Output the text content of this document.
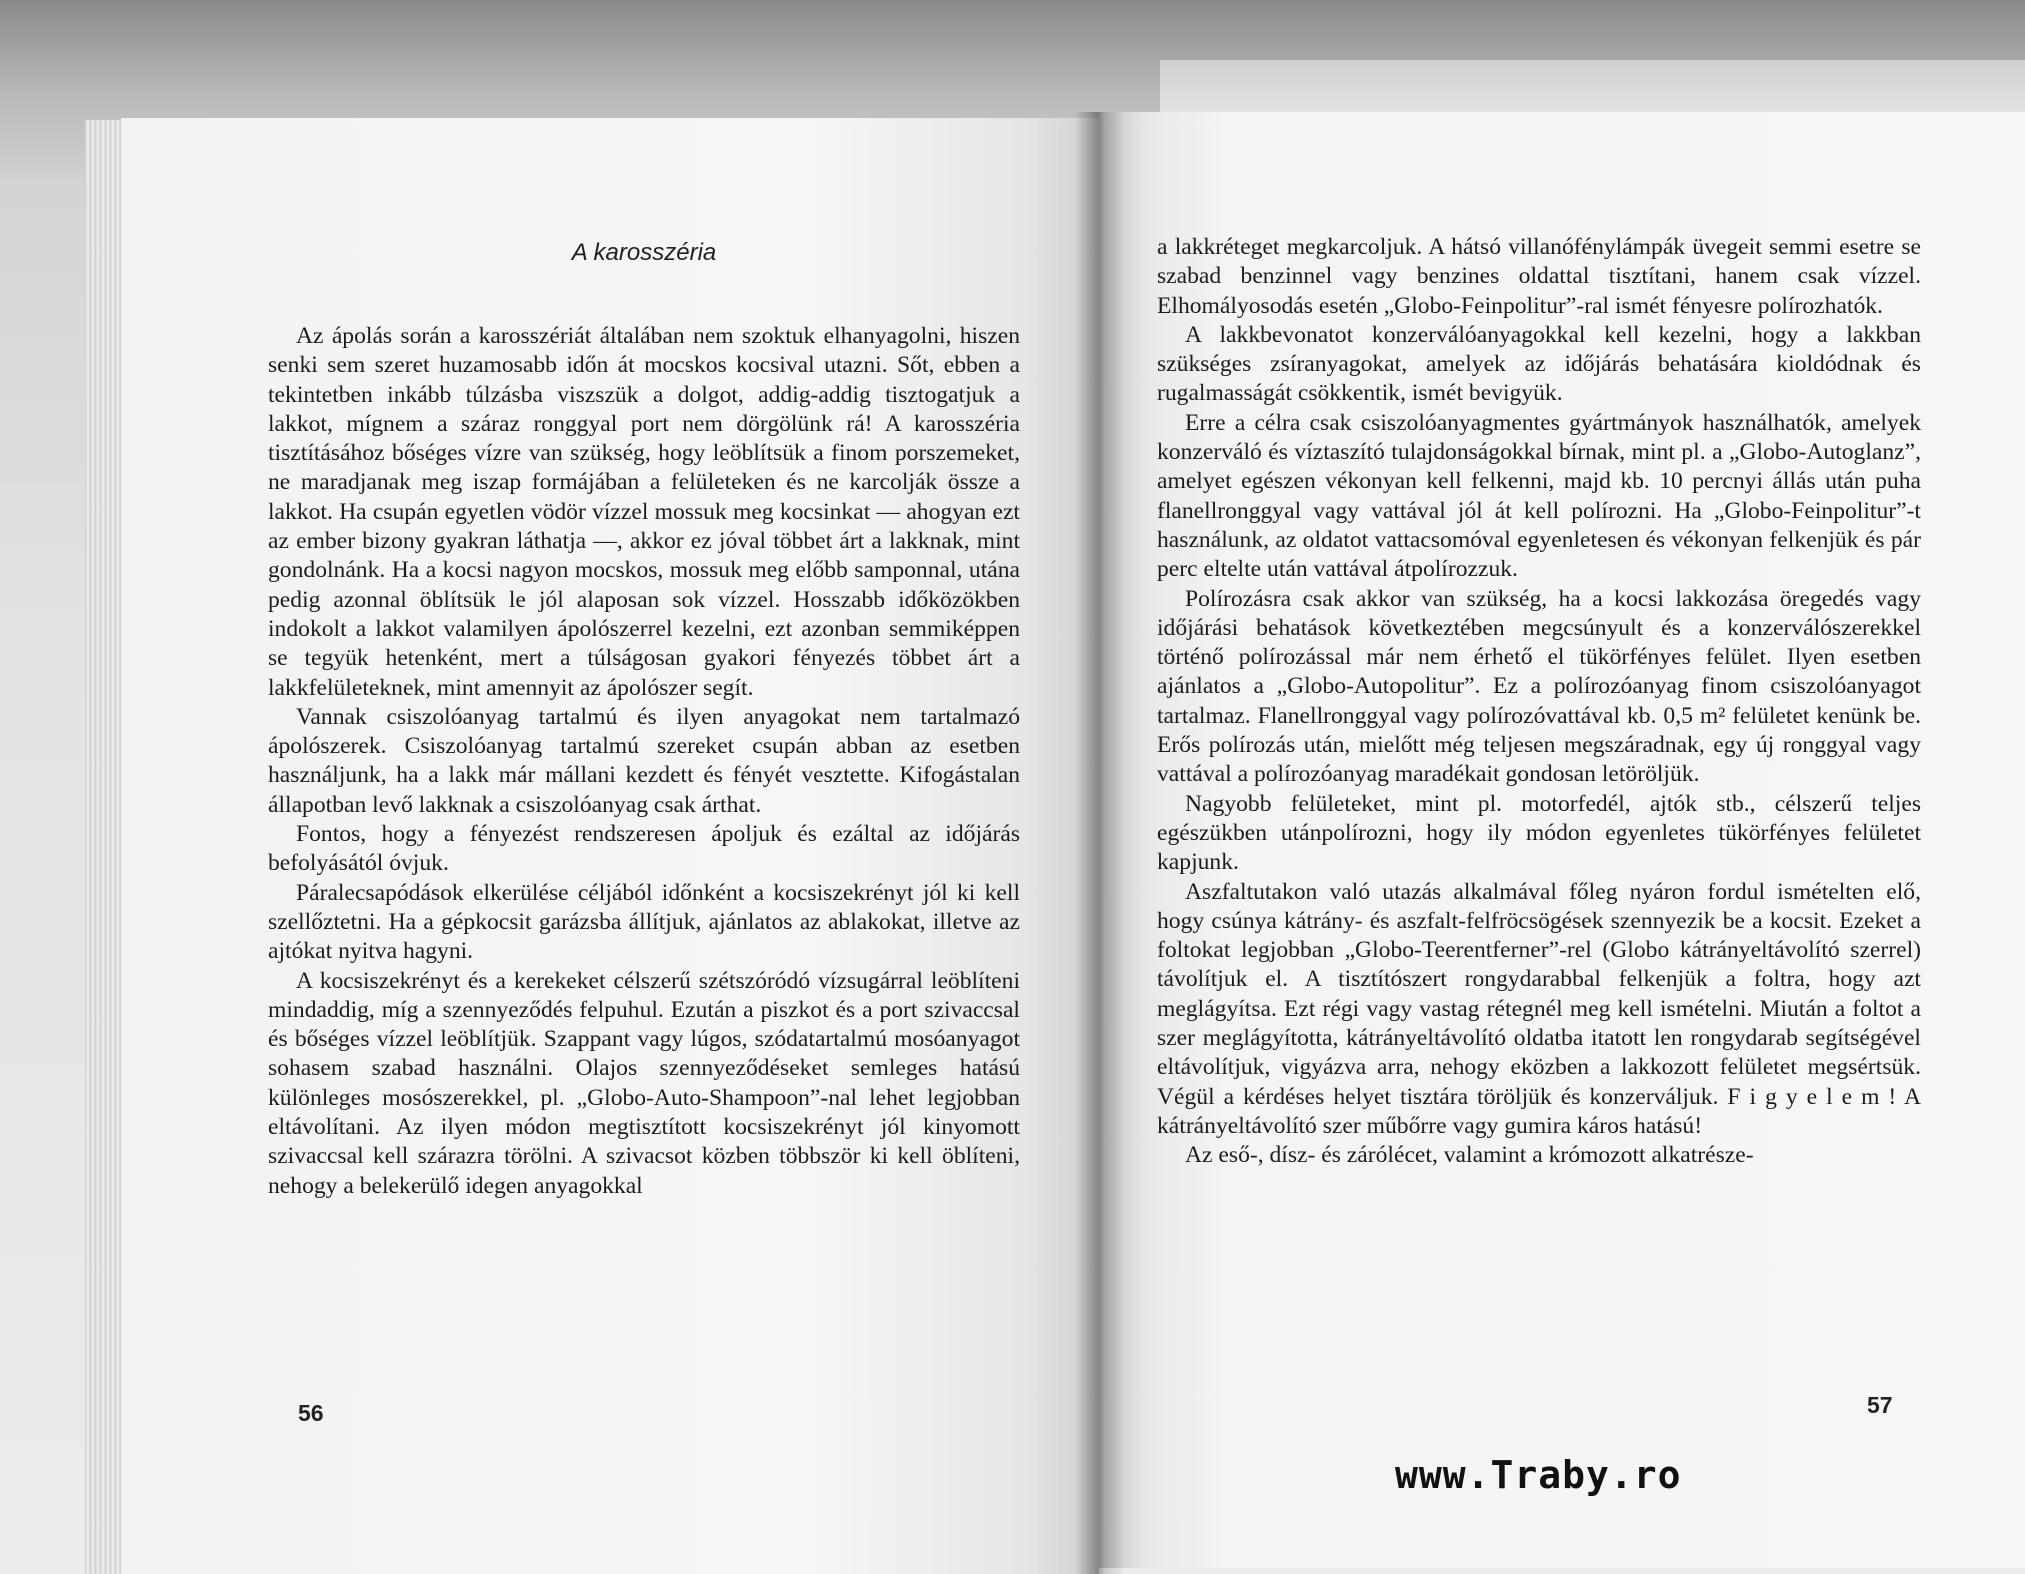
A karosszéria

Az ápolás során a karosszériát általában nem szoktuk elhanyagolni, hiszen senki sem szeret huzamosabb időn át mocskos kocsival utazni. Sőt, ebben a tekintetben inkább túlzásba viszszük a dolgot, addig-addig tisztogatjuk a lakkot, mígnem a száraz ronggyal port nem dörgölünk rá! A karosszéria tisztításához bőséges vízre van szükség, hogy leöblítsük a finom porszemeket, ne maradjanak meg iszap formájában a felületeken és ne karcolják össze a lakkot. Ha csupán egyetlen vödör vízzel mossuk meg kocsinkat — ahogyan ezt az ember bizony gyakran láthatja —, akkor ez jóval többet árt a lakknak, mint gondolnánk. Ha a kocsi nagyon mocskos, mossuk meg előbb samponnal, utána pedig azonnal öblítsük le jól alaposan sok vízzel. Hosszabb időközökben indokolt a lakkot valamilyen ápolószerrel kezelni, ezt azonban semmiképpen se tegyük hetenként, mert a túlságosan gyakori fényezés többet árt a lakkfelületeknek, mint amennyit az ápolószer segít.

Vannak csiszolóanyag tartalmú és ilyen anyagokat nem tartalmazó ápolószerek. Csiszolóanyag tartalmú szereket csupán abban az esetben használjunk, ha a lakk már mállani kezdett és fényét vesztette. Kifogástalan állapotban levő lakknak a csiszolóanyag csak árthat.

Fontos, hogy a fényezést rendszeresen ápoljuk és ezáltal az időjárás befolyásától óvjuk.

Páralecsapódások elkerülése céljából időnként a kocsiszekrényt jól ki kell szellőztetni. Ha a gépkocsit garázsba állítjuk, ajánlatos az ablakokat, illetve az ajtókat nyitva hagyni.

A kocsiszekrényt és a kerekeket célszerű szétszóródó vízsugárral leöblíteni mindaddig, míg a szennyeződés felpuhul. Ezután a piszkot és a port szivaccsal és bőséges vízzel leöblítjük. Szappant vagy lúgos, szódatartalmú mosóanyagot sohasem szabad használni. Olajos szennyeződéseket semleges hatású különleges mosószerekkel, pl. „Globo-Auto-Shampoon”-nal lehet legjobban eltávolítani. Az ilyen módon megtisztított kocsiszekrényt jól kinyomott szivaccsal kell szárazra törölni. A szivacsot közben többször ki kell öblíteni, nehogy a belekerülő idegen anyagokkal

a lakkréteget megkarcoljuk. A hátsó villanófénylámpák üvegeit semmi esetre se szabad benzinnel vagy benzines oldattal tisztítani, hanem csak vízzel. Elhomályosodás esetén „Globo-Feinpolitur”-ral ismét fényesre polírozhatók.

A lakkbevonatot konzerválóanyagokkal kell kezelni, hogy a lakkban szükséges zsíranyagokat, amelyek az időjárás behatására kioldódnak és rugalmasságát csökkentik, ismét bevigyük.

Erre a célra csak csiszolóanyagmentes gyártmányok használhatók, amelyek konzerváló és víztaszító tulajdonságokkal bírnak, mint pl. a „Globo-Autoglanz”, amelyet egészen vékonyan kell felkenni, majd kb. 10 percnyi állás után puha flanellronggyal vagy vattával jól át kell polírozni. Ha „Globo-Feinpolitur”-t használunk, az oldatot vattacsomóval egyenletesen és vékonyan felkenjük és pár perc eltelte után vattával átpolírozzuk.

Polírozásra csak akkor van szükség, ha a kocsi lakkozása öregedés vagy időjárási behatások következtében megcsúnyult és a konzerválószerekkel történő polírozással már nem érhető el tükörfényes felület. Ilyen esetben ajánlatos a „Globo-Autopolitur”. Ez a polírozóanyag finom csiszolóanyagot tartalmaz. Flanellronggyal vagy polírozóvattával kb. 0,5 m² felületet kenünk be. Erős polírozás után, mielőtt még teljesen megszáradnak, egy új ronggyal vagy vattával a polírozóanyag maradékait gondosan letöröljük.

Nagyobb felületeket, mint pl. motorfedél, ajtók stb., célszerű teljes egészükben utánpolírozni, hogy ily módon egyenletes tükörfényes felületet kapjunk.

Aszfaltutakon való utazás alkalmával főleg nyáron fordul ismételten elő, hogy csúnya kátrány- és aszfalt-felfröcsögések szennyezik be a kocsit. Ezeket a foltokat legjobban „Globo-Teerentferner”-rel (Globo kátrányeltávolító szerrel) távolítjuk el. A tisztítószert rongydarabbal felkenjük a foltra, hogy azt meglágyítsa. Ezt régi vagy vastag rétegnél meg kell ismételni. Miután a foltot a szer meglágyította, kátrányeltávolító oldatba itatott len rongydarab segítségével eltávolítjuk, vigyázva arra, nehogy eközben a lakkozott felületet megsértsük. Végül a kérdéses helyet tisztára töröljük és konzerváljuk. F i g y e l e m ! A kátrányeltávolító szer műbőrre vagy gumira káros hatású!

Az eső-, dísz- és zárólécet, valamint a krómozott alkatrésze-

56	57
www.Traby.ro
